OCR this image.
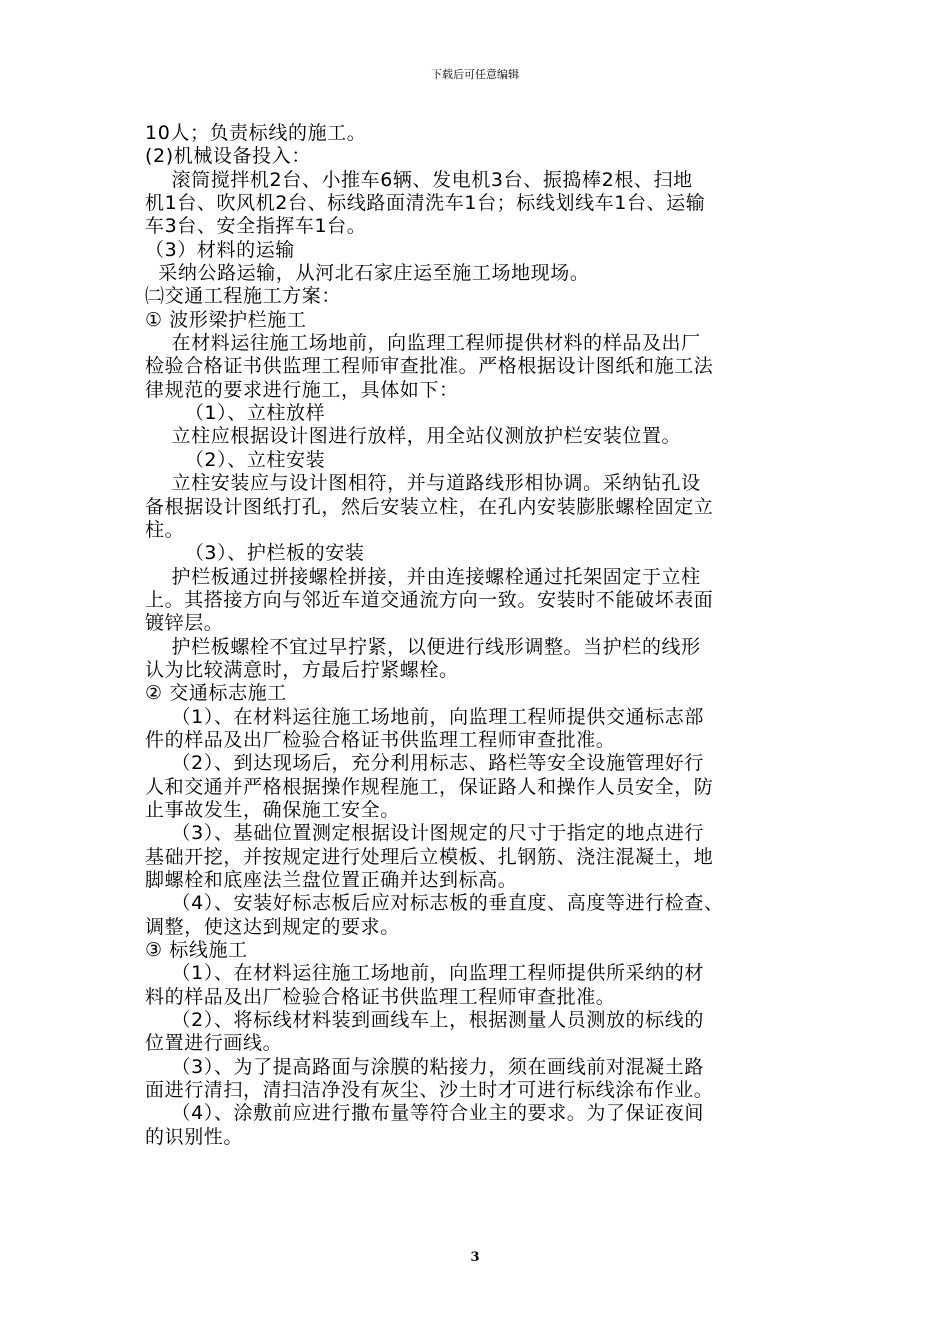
下载后可任意编辑
10人；负责标线的施工。
(2)机械设备投入：
滚筒搅拌机2台、小推车6辆、发电机3台、振捣棒2根、扫地
机1台、吹风机2台、标线路面清洗车1台；标线划线车1台、运输
车3台、安全指挥车1台。
（3）材料的运输
采纳公路运输，从河北石家庄运至施工场地现场。
㈡交通工程施工方案：
① 波形梁护栏施工
在材料运往施工场地前，向监理工程师提供材料的样品及出厂
检验合格证书供监理工程师审查批准。严格根据设计图纸和施工法
律规范的要求进行施工，具体如下：
（1）、立柱放样
立柱应根据设计图进行放样，用全站仪测放护栏安装位置。
（2）、立柱安装
立柱安装应与设计图相符，并与道路线形相协调。采纳钻孔设
备根据设计图纸打孔，然后安装立柱，在孔内安装膨胀螺栓固定立
柱。
（3）、护栏板的安装
护栏板通过拼接螺栓拼接，并由连接螺栓通过托架固定于立柱
上。其搭接方向与邻近车道交通流方向一致。安装时不能破坏表面
镀锌层。
护栏板螺栓不宜过早拧紧，以便进行线形调整。当护栏的线形
认为比较满意时，方最后拧紧螺栓。
② 交通标志施工
（1）、在材料运往施工场地前，向监理工程师提供交通标志部
件的样品及出厂检验合格证书供监理工程师审查批准。
（2）、到达现场后，充分利用标志、路栏等安全设施管理好行
人和交通并严格根据操作规程施工，保证路人和操作人员安全，防
止事故发生，确保施工安全。
（3）、基础位置测定根据设计图规定的尺寸于指定的地点进行
基础开挖，并按规定进行处理后立模板、扎钢筋、浇注混凝土，地
脚螺栓和底座法兰盘位置正确并达到标高。
（4）、安装好标志板后应对标志板的垂直度、高度等进行检查、
调整，使这达到规定的要求。
③ 标线施工
（1）、在材料运往施工场地前，向监理工程师提供所采纳的材
料的样品及出厂检验合格证书供监理工程师审查批准。
（2）、将标线材料装到画线车上，根据测量人员测放的标线的
位置进行画线。
（3）、为了提高路面与涂膜的粘接力，须在画线前对混凝土路
面进行清扫，清扫洁净没有灰尘、沙土时才可进行标线涂布作业。
（4）、涂敷前应进行撒布量等符合业主的要求。为了保证夜间
的识别性。
3
